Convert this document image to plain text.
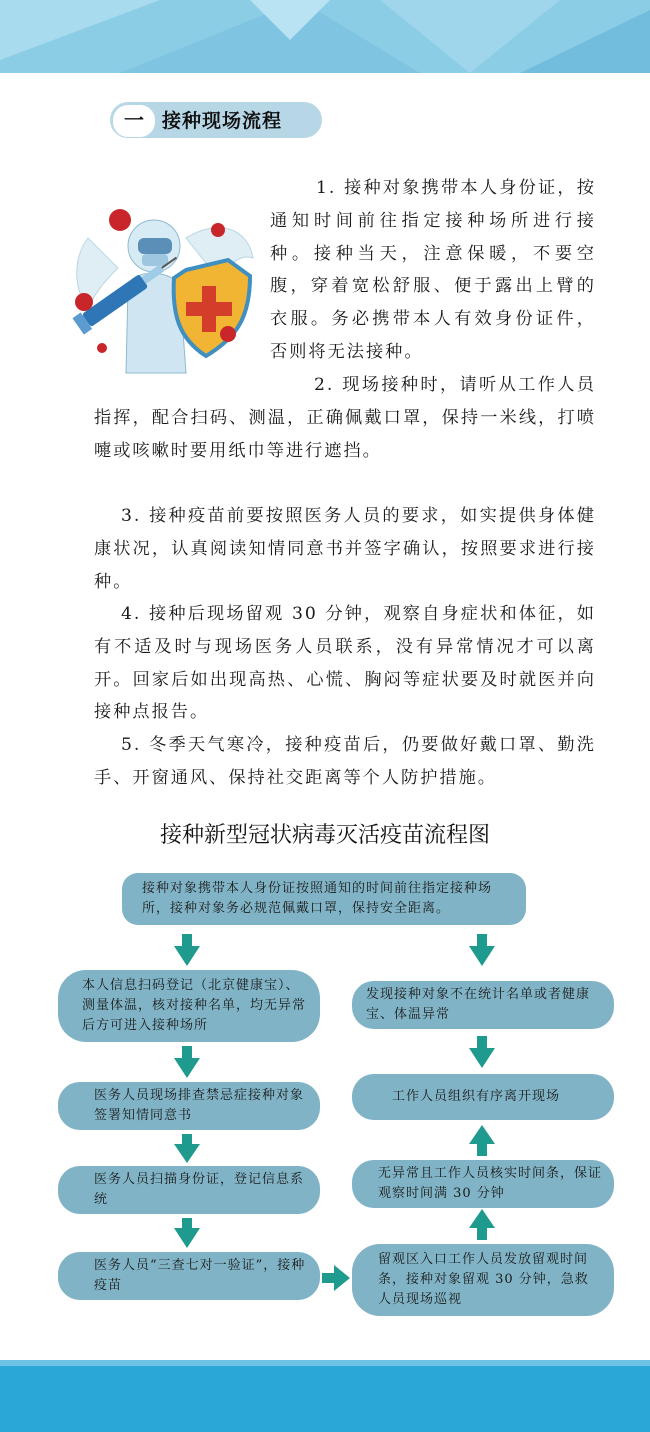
一 接种现场流程

1. 接种对象携带本人身份证，按通知时间前往指定接种场所进行接种。接种当天，注意保暖，不要空腹，穿着宽松舒服、便于露出上臂的衣服。务必携带本人有效身份证件，否则将无法接种。

2. 现场接种时，请听从工作人员指挥，配合扫码、测温，正确佩戴口罩，保持一米线，打喷嚏或咳嗽时要用纸巾等进行遮挡。

3. 接种疫苗前要按照医务人员的要求，如实提供身体健康状况，认真阅读知情同意书并签字确认，按照要求进行接种。

4. 接种后现场留观 30 分钟，观察自身症状和体征，如有不适及时与现场医务人员联系，没有异常情况才可以离开。回家后如出现高热、心慌、胸闷等症状要及时就医并向接种点报告。

5. 冬季天气寒冷，接种疫苗后，仍要做好戴口罩、勤洗手、开窗通风、保持社交距离等个人防护措施。

接种新型冠状病毒灭活疫苗流程图
接种对象携带本人身份证按照通知的时间前往指定接种场所，接种对象务必规范佩戴口罩，保持安全距离。
本人信息扫码登记（北京健康宝）、测量体温，核对接种名单，均无异常后方可进入接种场所
医务人员现场排查禁忌症接种对象签署知情同意书
医务人员扫描身份证，登记信息系统
医务人员“三查七对一验证”，接种疫苗
发现接种对象不在统计名单或者健康宝、体温异常
工作人员组织有序离开现场
无异常且工作人员核实时间条，保证观察时间满 30 分钟
留观区入口工作人员发放留观时间条，接种对象留观 30 分钟，急救人员现场巡视
